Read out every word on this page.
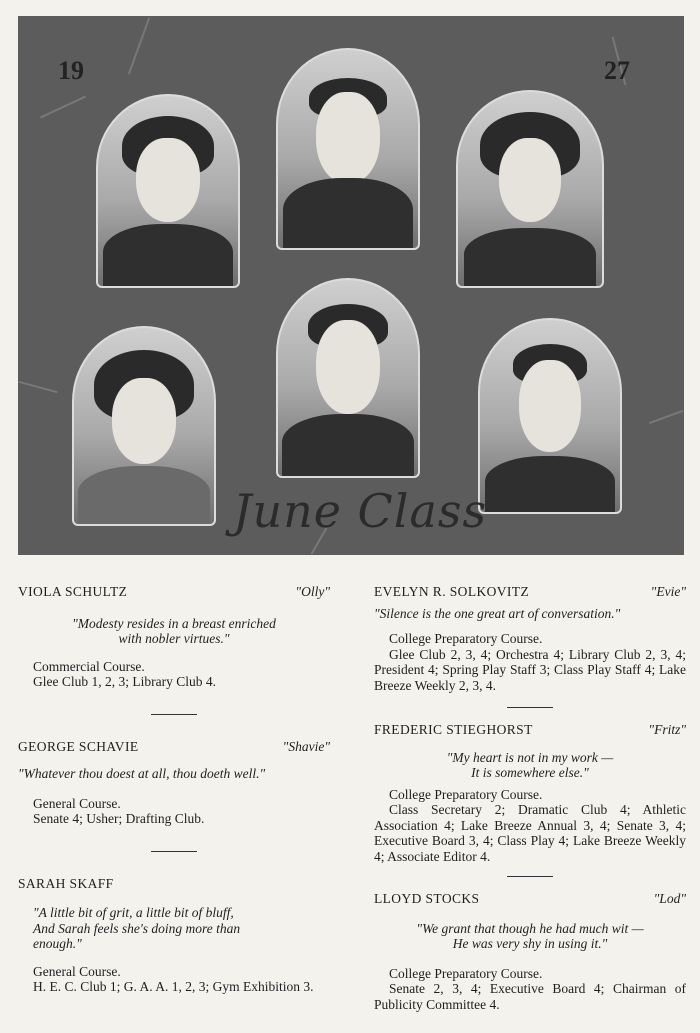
19	27
June Class
VIOLA SCHULTZ	"Olly"
"Modesty resides in a breast enriched
with nobler virtues."
Commercial Course.
Glee Club 1, 2, 3; Library Club 4.
GEORGE SCHAVIE	"Shavie"
"Whatever thou doest at all, thou doeth well."
General Course.
Senate 4; Usher; Drafting Club.
SARAH SKAFF
"A little bit of grit, a little bit of bluff,
And Sarah feels she's doing more than
enough."
General Course.
H. E. C. Club 1; G. A. A. 1, 2, 3; Gym Exhibition 3.
EVELYN R. SOLKOVITZ	"Evie"
"Silence is the one great art of conversation."
College Preparatory Course.
Glee Club 2, 3, 4; Orchestra 4; Library Club 2, 3, 4; President 4; Spring Play Staff 3; Class Play Staff 4; Lake Breeze Weekly 2, 3, 4.
FREDERIC STIEGHORST	"Fritz"
"My heart is not in my work —
It is somewhere else."
College Preparatory Course.
Class Secretary 2; Dramatic Club 4; Athletic Association 4; Lake Breeze Annual 3, 4; Senate 3, 4; Executive Board 3, 4; Class Play 4; Lake Breeze Weekly 4; Associate Editor 4.
LLOYD STOCKS	"Lod"
"We grant that though he had much wit —
He was very shy in using it."
College Preparatory Course.
Senate 2, 3, 4; Executive Board 4; Chairman of Publicity Committee 4.
